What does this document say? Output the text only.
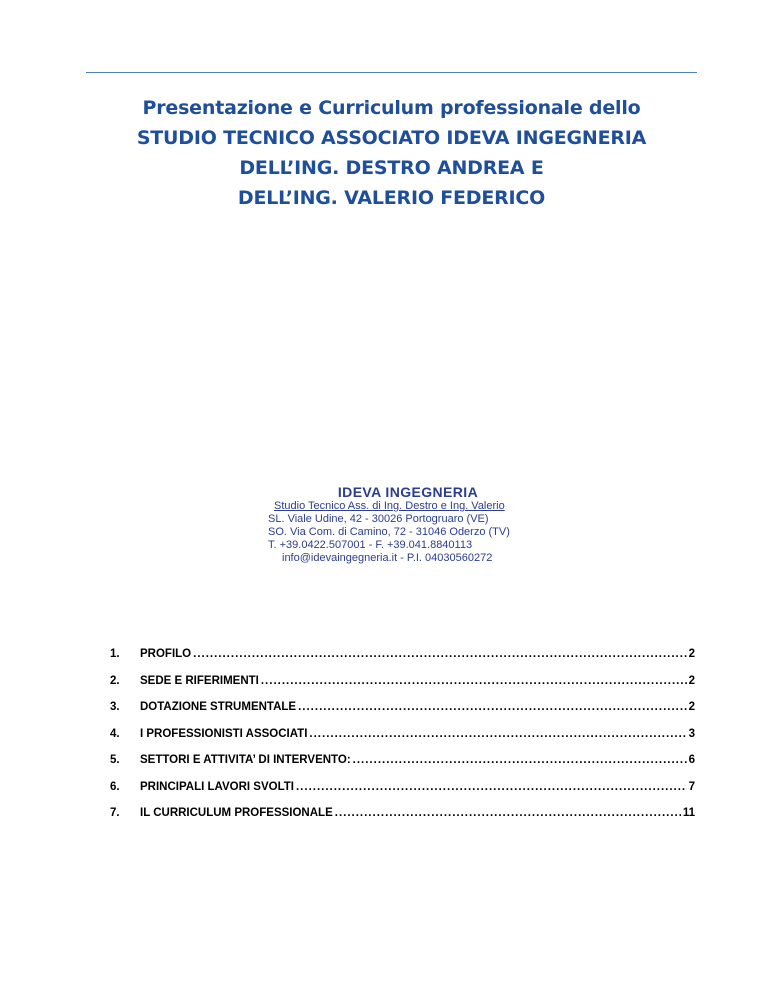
Presentazione e Curriculum professionale dello
STUDIO TECNICO ASSOCIATO IDEVA INGEGNERIA
DELL’ING. DESTRO ANDREA E
DELL’ING. VALERIO FEDERICO
IDEVA INGEGNERIA
Studio Tecnico Ass. di Ing. Destro e Ing. Valerio
SL. Viale Udine, 42 - 30026 Portogruaro (VE)
SO. Via Com. di Camino, 72 - 31046 Oderzo (TV)
T. +39.0422.507001 - F. +39.041.8840113
info@idevaingegneria.it - P.I. 04030560272
1.	PROFILO .....	2
2.	SEDE E RIFERIMENTI .....	2
3.	DOTAZIONE STRUMENTALE .....	2
4.	I PROFESSIONISTI ASSOCIATI .....	3
5.	SETTORI E ATTIVITA’ DI INTERVENTO: .....	6
6.	PRINCIPALI LAVORI SVOLTI .....	7
7.	IL CURRICULUM PROFESSIONALE .....	11
